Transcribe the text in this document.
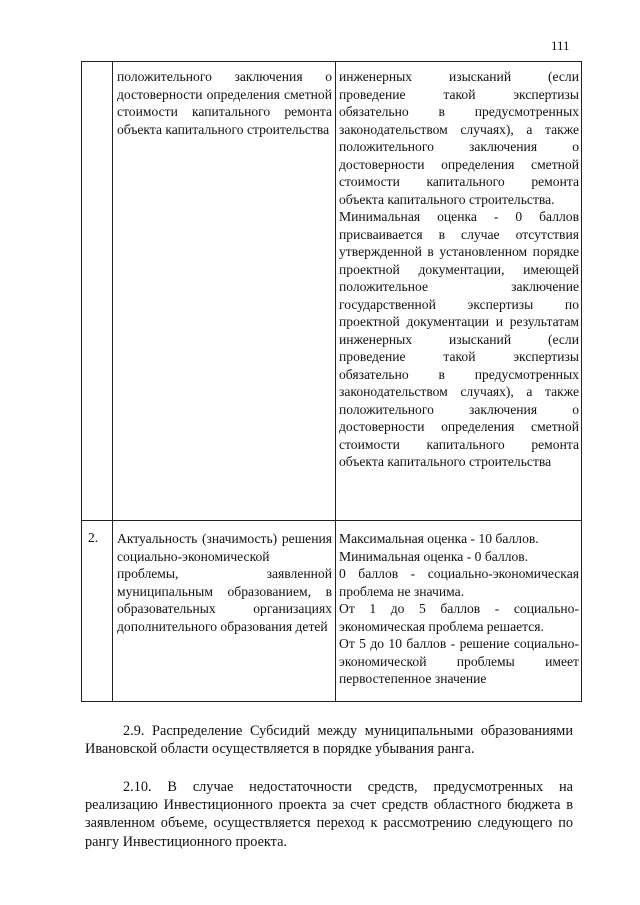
111

	положительного заключения о достоверности определения сметной стоимости капитального ремонта объекта капитального строительства	инженерных изысканий (если проведение такой экспертизы обязательно в предусмотренных законодательством случаях), а также положительного заключения о достоверности определения сметной стоимости капитального ремонта объекта капитального строительства.

Минимальная оценка - 0 баллов присваивается в случае отсутствия утвержденной в установленном порядке проектной документации, имеющей положительное заключение государственной экспертизы по проектной документации и результатам инженерных изысканий (если проведение такой экспертизы обязательно в предусмотренных законодательством случаях), а также положительного заключения о достоверности определения сметной стоимости капитального ремонта объекта капитального строительства

2.	Актуальность (значимость) решения социально-экономической проблемы, заявленной муниципальным образованием, в образовательных организациях дополнительного образования детей	Максимальная оценка - 10 баллов.

Минимальная оценка - 0 баллов.

0 баллов - социально-экономическая проблема не значима.

От 1 до 5 баллов - социально-экономическая проблема решается.

От 5 до 10 баллов - решение социально-экономической проблемы имеет первостепенное значение

2.9. Распределение Субсидий между муниципальными образованиями Ивановской области осуществляется в порядке убывания ранга.

2.10. В случае недостаточности средств, предусмотренных на реализацию Инвестиционного проекта за счет средств областного бюджета в заявленном объеме, осуществляется переход к рассмотрению следующего по рангу Инвестиционного проекта.
